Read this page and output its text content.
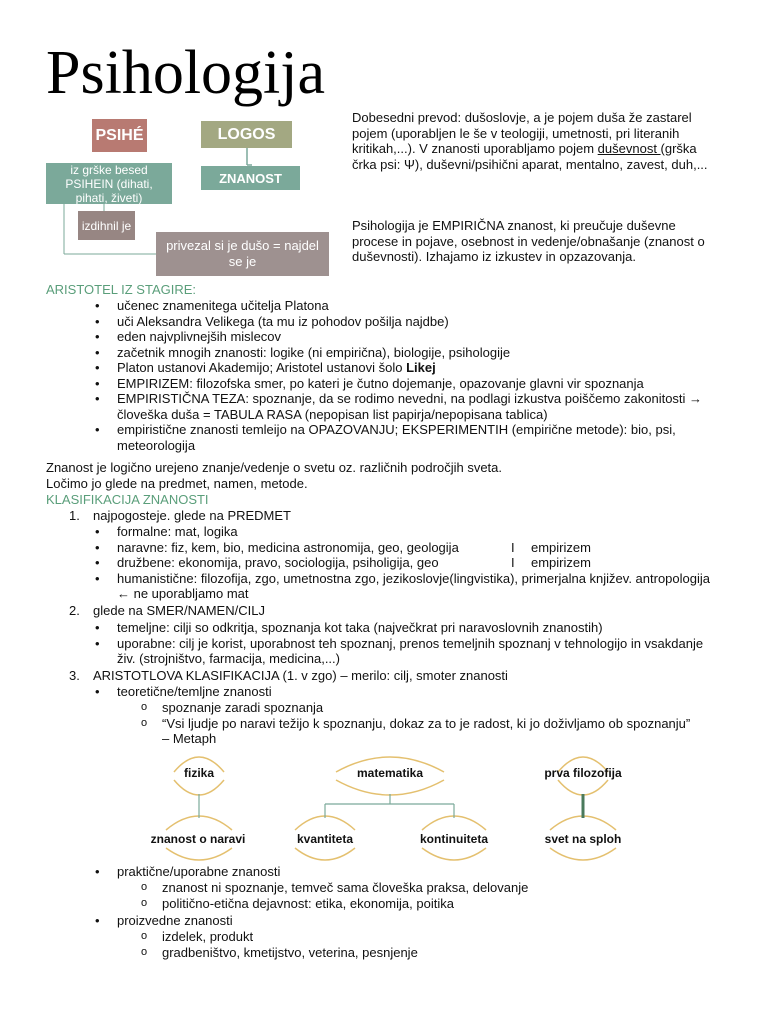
Psihologija
PSIHÉ	LOGOS
ZNANOST
iz grške besed PSIHEIN (dihati, pihati, živeti)
izdihnil je
privezal si je dušo = najdel se je
Dobesedni prevod: dušoslovje, a je pojem duša že zastarel pojem (uporabljen le še v teologiji, umetnosti, pri literanih kritikah,...). V znanosti uporabljamo pojem duševnost (grška črka psi: Ψ), duševni/psihični aparat, mentalno, zavest, duh,...
Psihologija je EMPIRIČNA znanost, ki preučuje duševne procese in pojave, osebnost in vedenje/obnašanje (znanost o duševnosti). Izhajamo iz izkustev in opzazovanja.
ARISTOTEL IZ STAGIRE:
• učenec znamenitega učitelja Platona
• uči Aleksandra Velikega (ta mu iz pohodov pošilja najdbe)
• eden najvplivnejših mislecov
• začetnik mnogih znanosti: logike (ni empirična), biologije, psihologije
• Platon ustanovi Akademijo; Aristotel ustanovi šolo Likej
• EMPIRIZEM: filozofska smer, po kateri je čutno dojemanje, opazovanje glavni vir spoznanja
• EMPIRISTIČNA TEZA: spoznanje, da se rodimo nevedni, na podlagi izkustva poiščemo zakonitosti → človeška duša = TABULA RASA (nepopisan list papirja/nepopisana tablica)
• empiristične znanosti temleijo na OPAZOVANJU; EKSPERIMENTIH (empirične metode): bio, psi, meteorologija
Znanost je logično urejeno znanje/vedenje o svetu oz. različnih področjih sveta.
Ločimo jo glede na predmet, namen, metode.
KLASIFIKACIJA ZNANOSTI
1. najpogosteje. glede na PREDMET
• formalne: mat, logika
• naravne: fiz, kem, bio, medicina astronomija, geo, geologija	I empirizem
• družbene: ekonomija, pravo, sociologija, psiholigija, geo	I empirizem
• humanistične: filozofija, zgo, umetnostna zgo, jezikoslovje(lingvistika), primerjalna književ. antropologija ← ne uporabljamo mat
2. glede na SMER/NAMEN/CILJ
• temeljne: cilji so odkritja, spoznanja kot taka (največkrat pri naravoslovnih znanostih)
• uporabne: cilj je korist, uporabnost teh spoznanj, prenos temeljnih spoznanj v tehnologijo in vsakdanje živ. (strojništvo, farmacija, medicina,...)
3. ARISTOTLOVA KLASIFIKACIJA (1. v zgo) – merilo: cilj, smoter znanosti
• teoretične/temljne znanosti
o spoznanje zaradi spoznanja
o “Vsi ljudje po naravi težijo k spoznanju, dokaz za to je radost, ki jo doživljamo ob spoznanju” – Metaph
fizika	matematika	prva filozofija
znanost o naravi	kvantiteta	kontinuiteta	svet na sploh
• praktične/uporabne znanosti
o znanost ni spoznanje, temveč sama človeška praksa, delovanje
o politično-etična dejavnost: etika, ekonomija, poitika
• proizvedne znanosti
o izdelek, produkt
o gradbeništvo, kmetijstvo, veterina, pesnjenje
